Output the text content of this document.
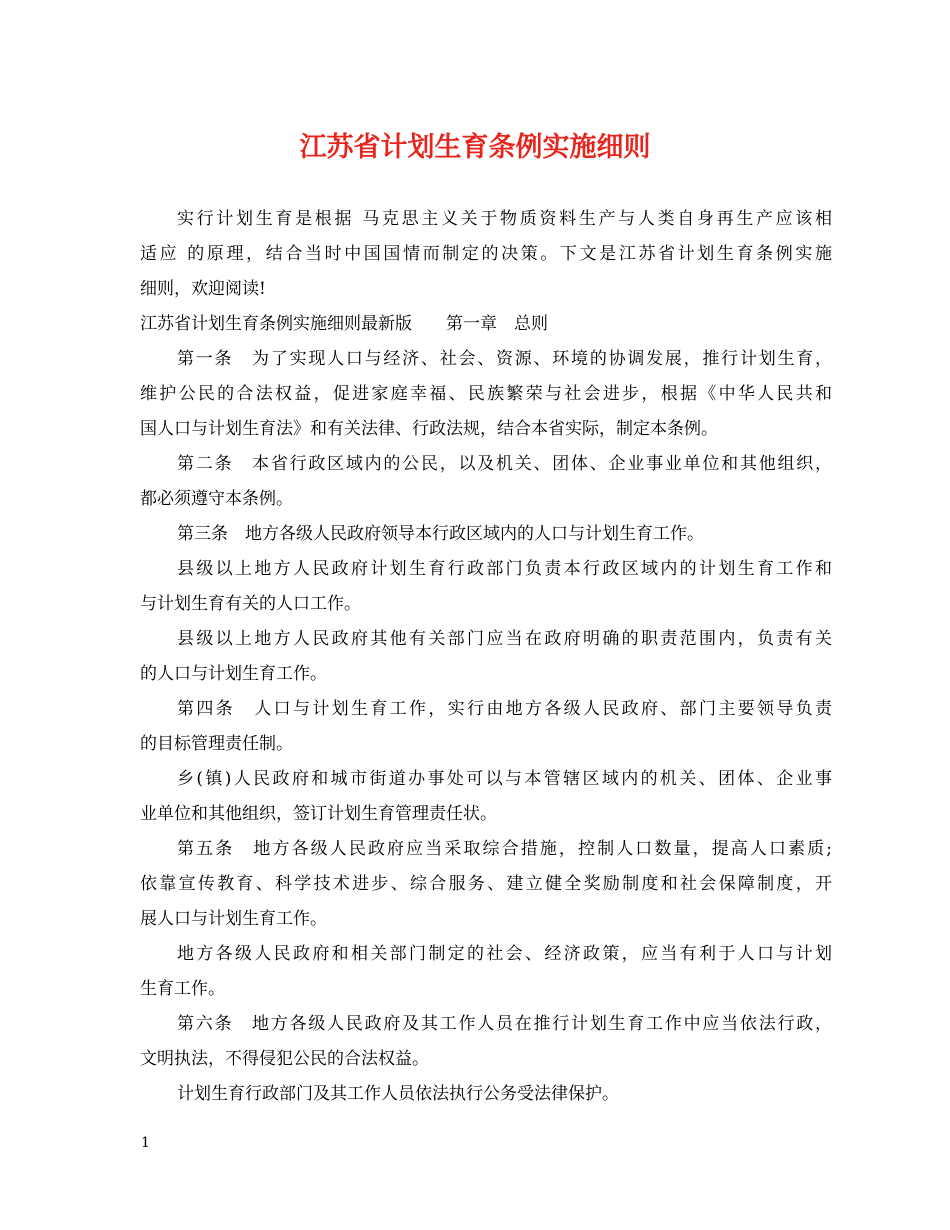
江苏省计划生育条例实施细则
实行计划生育是根据 马克思主义关于物质资料生产与人类自身再生产应该相
适应 的原理，结合当时中国国情而制定的决策。下文是江苏省计划生育条例实施
细则，欢迎阅读!
江苏省计划生育条例实施细则最新版　　第一章　总则
第一条　为了实现人口与经济、社会、资源、环境的协调发展，推行计划生育，
维护公民的合法权益，促进家庭幸福、民族繁荣与社会进步，根据《中华人民共和
国人口与计划生育法》和有关法律、行政法规，结合本省实际，制定本条例。
第二条　本省行政区域内的公民，以及机关、团体、企业事业单位和其他组织，
都必须遵守本条例。
第三条　地方各级人民政府领导本行政区域内的人口与计划生育工作。
县级以上地方人民政府计划生育行政部门负责本行政区域内的计划生育工作和
与计划生育有关的人口工作。
县级以上地方人民政府其他有关部门应当在政府明确的职责范围内，负责有关
的人口与计划生育工作。
第四条　人口与计划生育工作，实行由地方各级人民政府、部门主要领导负责
的目标管理责任制。
乡(镇)人民政府和城市街道办事处可以与本管辖区域内的机关、团体、企业事
业单位和其他组织，签订计划生育管理责任状。
第五条　地方各级人民政府应当采取综合措施，控制人口数量，提高人口素质;
依靠宣传教育、科学技术进步、综合服务、建立健全奖励制度和社会保障制度，开
展人口与计划生育工作。
地方各级人民政府和相关部门制定的社会、经济政策，应当有利于人口与计划
生育工作。
第六条　地方各级人民政府及其工作人员在推行计划生育工作中应当依法行政，
文明执法，不得侵犯公民的合法权益。
计划生育行政部门及其工作人员依法执行公务受法律保护。
1
